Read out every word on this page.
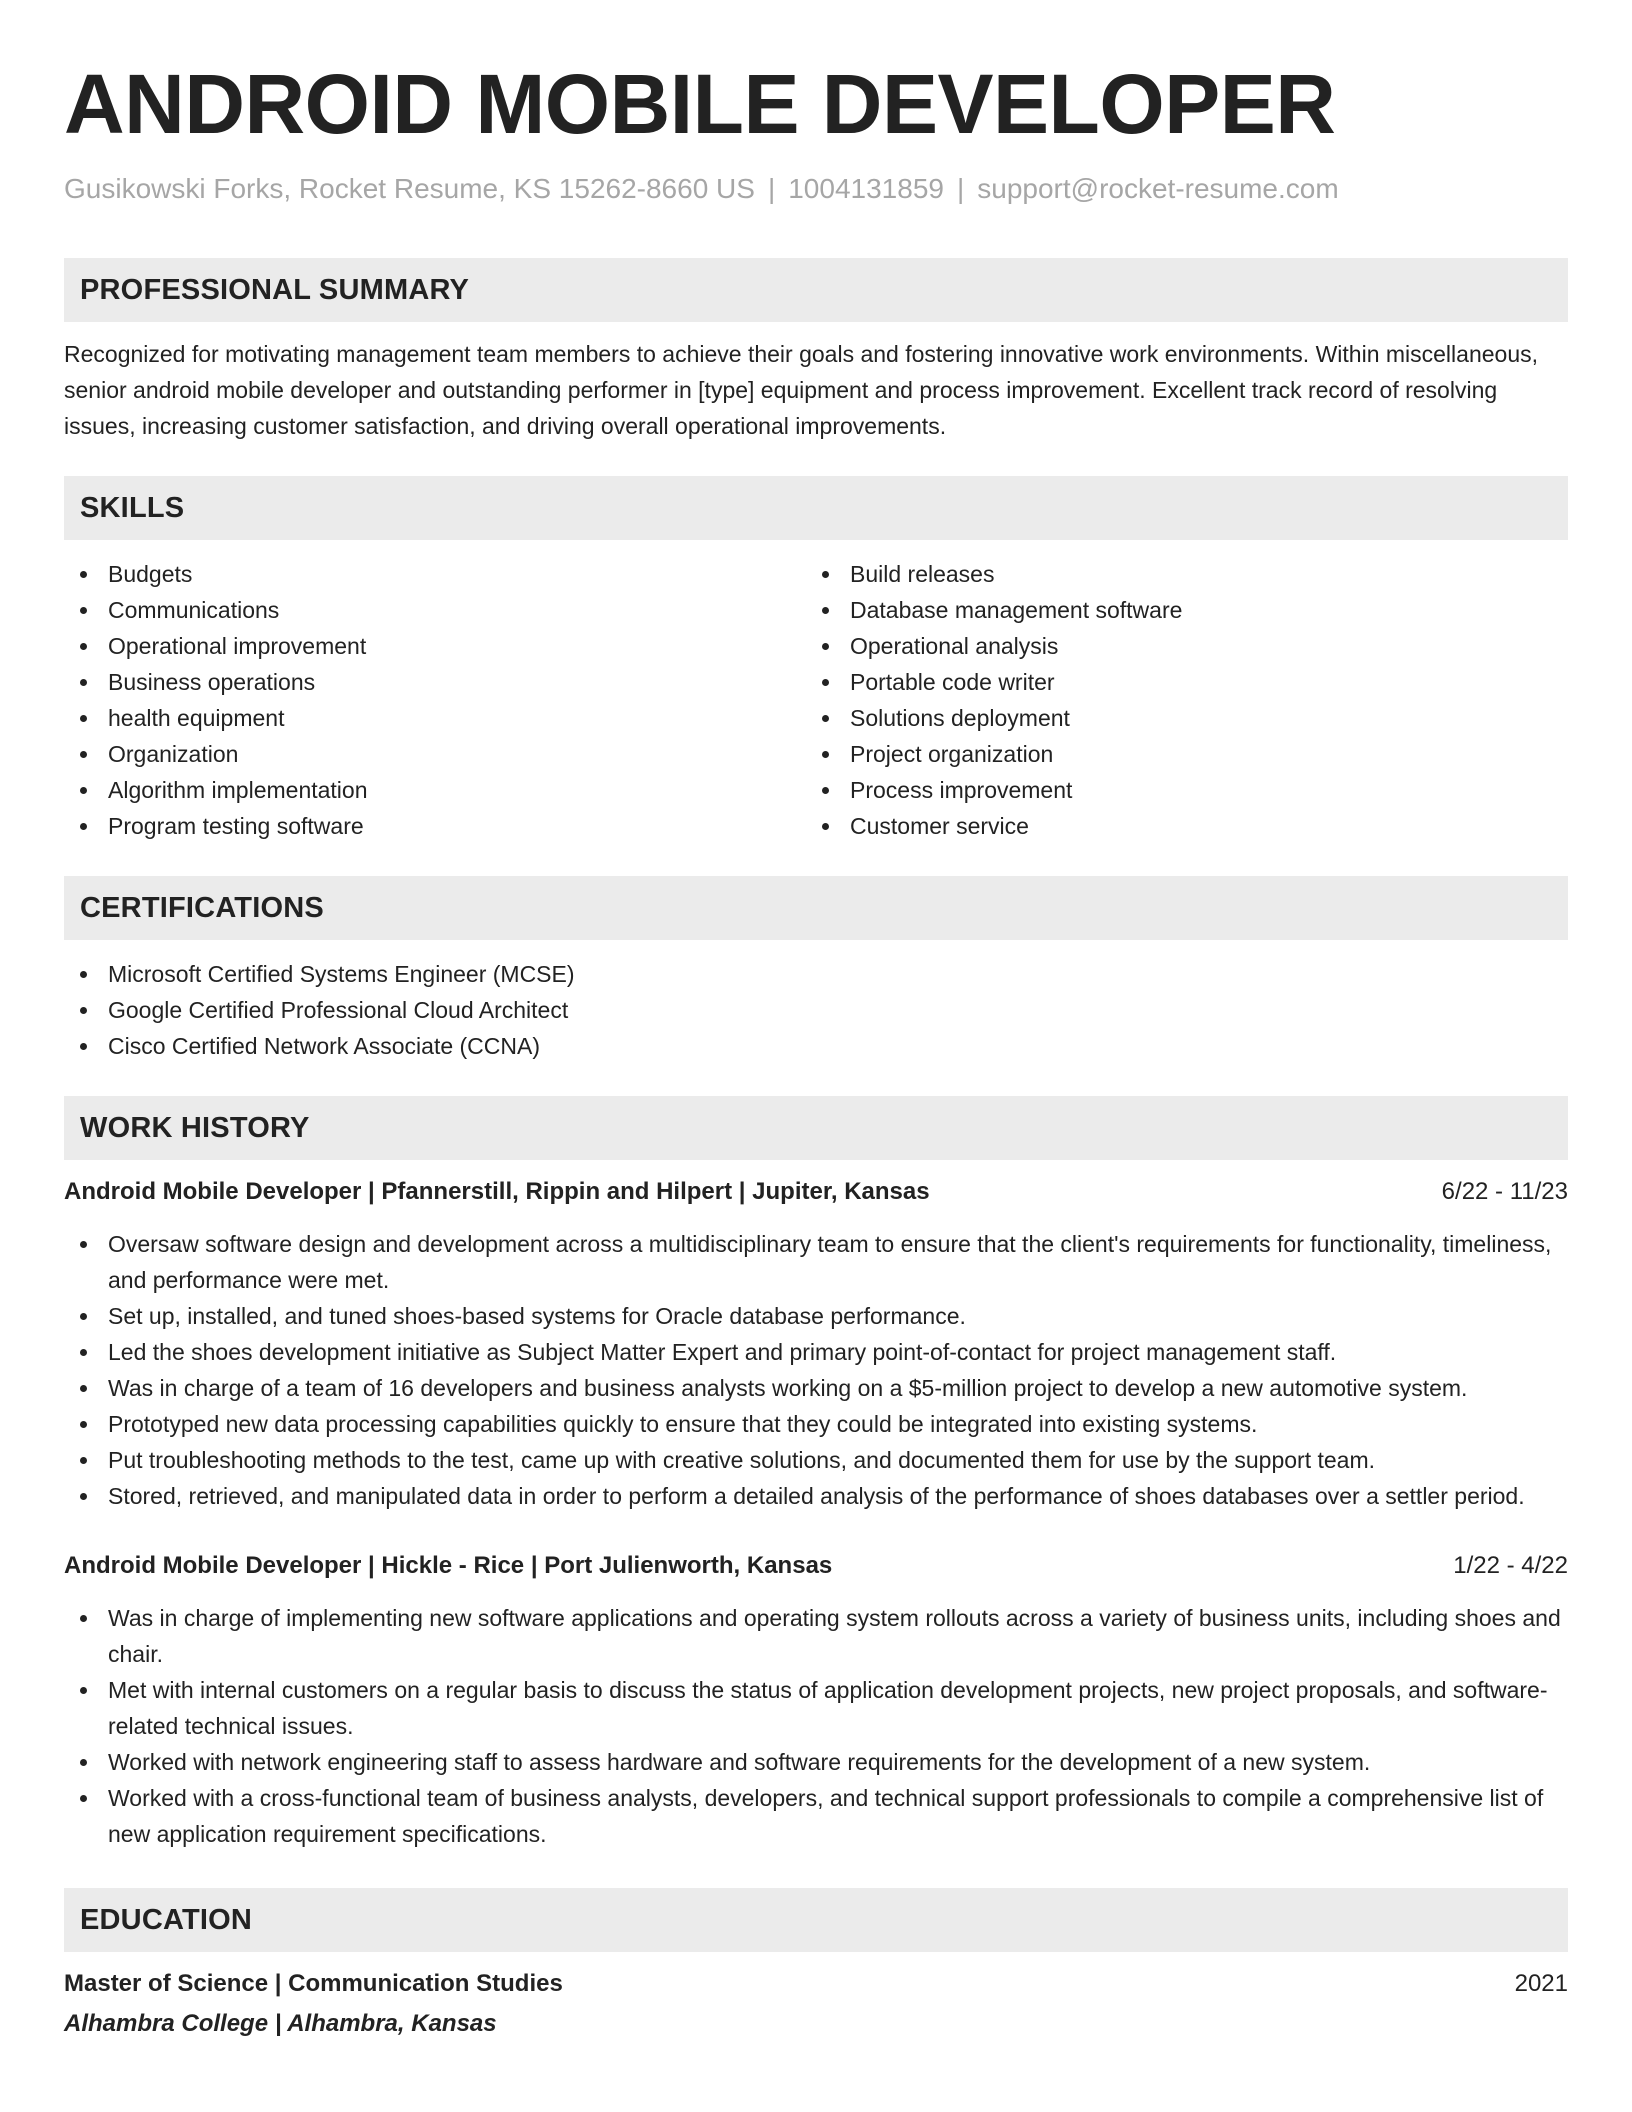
ANDROID MOBILE DEVELOPER
Gusikowski Forks, Rocket Resume, KS 15262-8660 US | 1004131859 | support@rocket-resume.com
PROFESSIONAL SUMMARY

Recognized for motivating management team members to achieve their goals and fostering innovative work environments. Within miscellaneous, senior android mobile developer and outstanding performer in [type] equipment and process improvement. Excellent track record of resolving issues, increasing customer satisfaction, and driving overall operational improvements.

SKILLS
Budgets
Communications
Operational improvement
Business operations
health equipment
Organization
Algorithm implementation
Program testing software
Build releases
Database management software
Operational analysis
Portable code writer
Solutions deployment
Project organization
Process improvement
Customer service
CERTIFICATIONS
Microsoft Certified Systems Engineer (MCSE)
Google Certified Professional Cloud Architect
Cisco Certified Network Associate (CCNA)
WORK HISTORY
Android Mobile Developer | Pfannerstill, Rippin and Hilpert | Jupiter, Kansas	6/22 - 11/23
Oversaw software design and development across a multidisciplinary team to ensure that the client's requirements for functionality, timeliness, and performance were met.
Set up, installed, and tuned shoes-based systems for Oracle database performance.
Led the shoes development initiative as Subject Matter Expert and primary point-of-contact for project management staff.
Was in charge of a team of 16 developers and business analysts working on a $5-million project to develop a new automotive system.
Prototyped new data processing capabilities quickly to ensure that they could be integrated into existing systems.
Put troubleshooting methods to the test, came up with creative solutions, and documented them for use by the support team.
Stored, retrieved, and manipulated data in order to perform a detailed analysis of the performance of shoes databases over a settler period.
Android Mobile Developer | Hickle - Rice | Port Julienworth, Kansas	1/22 - 4/22
Was in charge of implementing new software applications and operating system rollouts across a variety of business units, including shoes and chair.
Met with internal customers on a regular basis to discuss the status of application development projects, new project proposals, and software-related technical issues.
Worked with network engineering staff to assess hardware and software requirements for the development of a new system.
Worked with a cross-functional team of business analysts, developers, and technical support professionals to compile a comprehensive list of new application requirement specifications.
EDUCATION
Master of Science | Communication Studies	2021
Alhambra College | Alhambra, Kansas
